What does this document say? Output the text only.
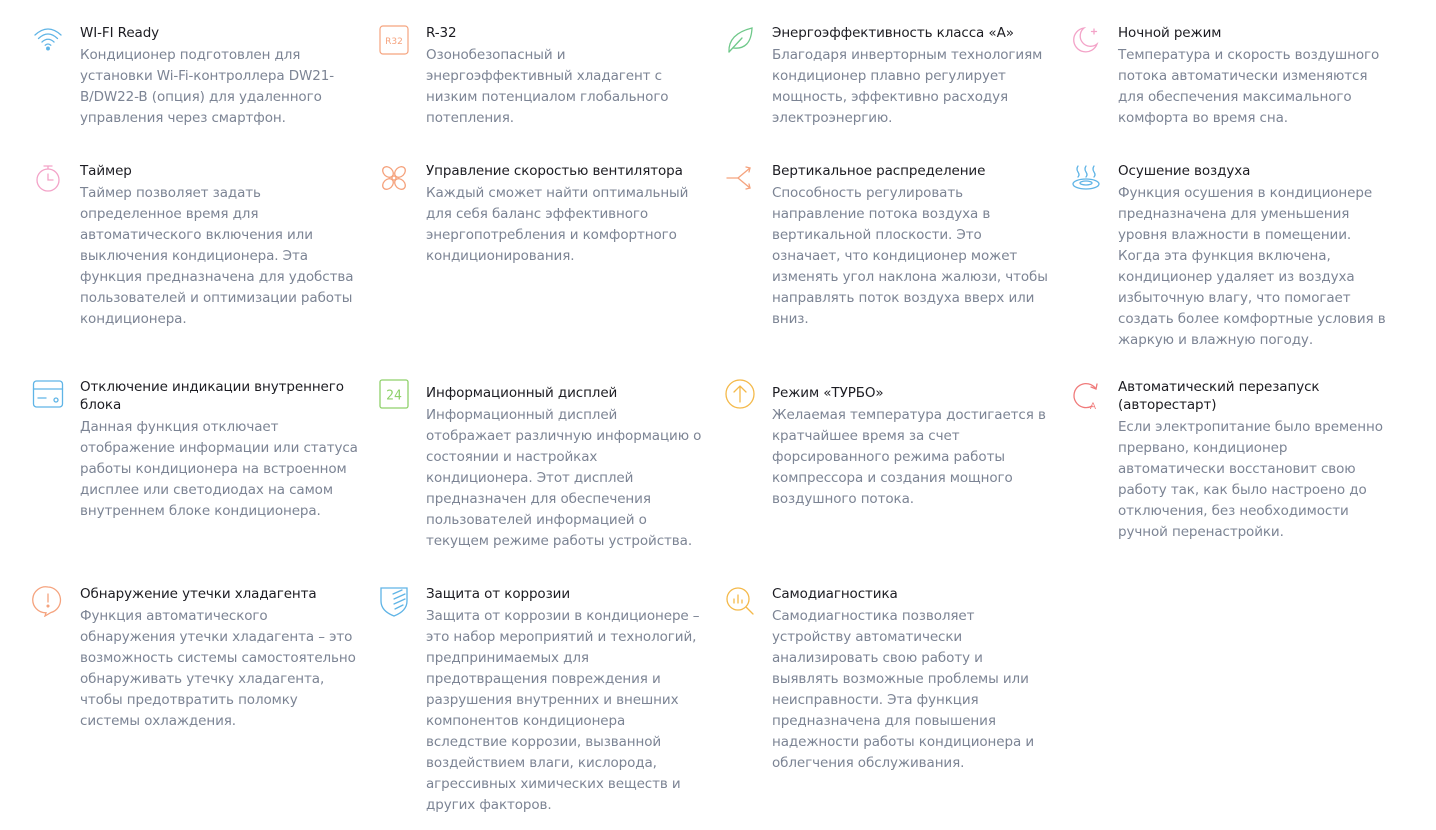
WI-FI Ready

Кондиционер подготовлен для установки Wi-Fi-контроллера DW21-B/DW22-B (опция) для удаленного управления через смартфон.

R32
R-32

Озонобезопасный и энергоэффективный хладагент с низким потенциалом глобального потепления.

Энергоэффективность класса «А»

Благодаря инверторным технологиям кондиционер плавно регулирует мощность, эффективно расходуя электроэнергию.

Ночной режим

Температура и скорость воздушного потока автоматически изменяются для обеспечения максимального комфорта во время сна.

Таймер

Таймер позволяет задать определенное время для автоматического включения или выключения кондиционера. Эта функция предназначена для удобства пользователей и оптимизации работы кондиционера.

Управление скоростью вентилятора

Каждый сможет найти оптимальный для себя баланс эффективного энергопотребления и комфортного кондиционирования.

Вертикальное распределение

Способность регулировать направление потока воздуха в вертикальной плоскости. Это означает, что кондиционер может изменять угол наклона жалюзи, чтобы направлять поток воздуха вверх или вниз.

Осушение воздуха

Функция осушения в кондиционере предназначена для уменьшения уровня влажности в помещении. Когда эта функция включена, кондиционер удаляет из воздуха избыточную влагу, что помогает создать более комфортные условия в жаркую и влажную погоду.

Отключение индикации внутреннего блока

Данная функция отключает отображение информации или статуса работы кондиционера на встроенном дисплее или светодиодах на самом внутреннем блоке кондиционера.

24 Информационный дисплей

Информационный дисплей отображает различную информацию о состоянии и настройках кондиционера. Этот дисплей предназначен для обеспечения пользователей информацией о текущем режиме работы устройства.

Режим «ТУРБО»

Желаемая температура достигается в кратчайшее время за счет форсированного режима работы компрессора и создания мощного воздушного потока.

A
Автоматический перезапуск (авторестарт)

Если электропитание было временно прервано, кондиционер автоматически восстановит свою работу так, как было настроено до отключения, без необходимости ручной перенастройки.

Обнаружение утечки хладагента

Функция автоматического обнаружения утечки хладагента – это возможность системы самостоятельно обнаруживать утечку хладагента, чтобы предотвратить поломку системы охлаждения.

Защита от коррозии

Защита от коррозии в кондиционере – это набор мероприятий и технологий, предпринимаемых для предотвращения повреждения и разрушения внутренних и внешних компонентов кондиционера вследствие коррозии, вызванной воздействием влаги, кислорода, агрессивных химических веществ и других факторов.

Самодиагностика

Самодиагностика позволяет устройству автоматически анализировать свою работу и выявлять возможные проблемы или неисправности. Эта функция предназначена для повышения надежности работы кондиционера и облегчения обслуживания.
